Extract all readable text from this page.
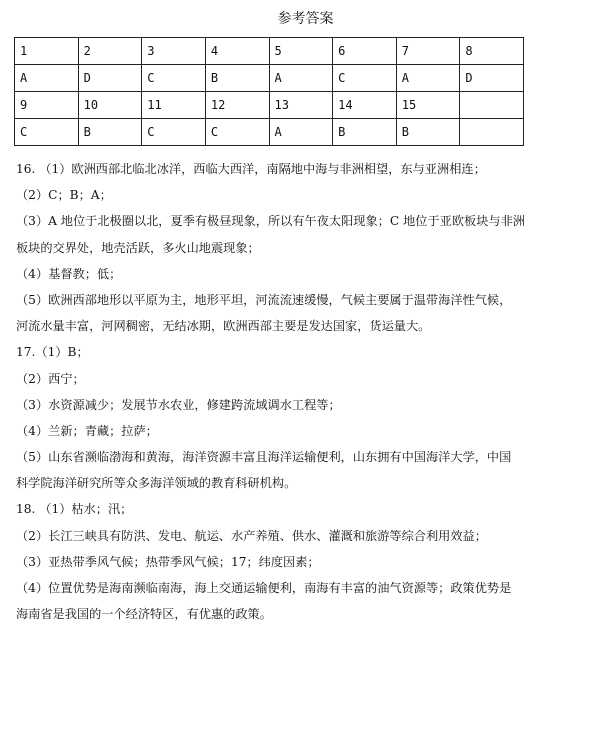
参考答案
1	2	3	4	5	6	7	8
A	D	C	B	A	C	A	D
9	10	11	12	13	14	15	
C	B	C	C	A	B	B	
16. （1）欧洲西部北临北冰洋，西临大西洋，南隔地中海与非洲相望，东与亚洲相连；
（2）C；B；A；
（3）A 地位于北极圈以北，夏季有极昼现象，所以有午夜太阳现象；C 地位于亚欧板块与非洲
板块的交界处，地壳活跃，多火山地震现象；
（4）基督教；低；
（5）欧洲西部地形以平原为主，地形平坦，河流流速缓慢，气候主要属于温带海洋性气候，
河流水量丰富，河网稠密，无结冰期，欧洲西部主要是发达国家，货运量大。
17.（1）B；
（2）西宁；
（3）水资源减少；发展节水农业，修建跨流域调水工程等；
（4）兰新；青藏；拉萨；
（5）山东省濒临渤海和黄海，海洋资源丰富且海洋运输便利，山东拥有中国海洋大学，中国
科学院海洋研究所等众多海洋领域的教育科研机构。
18. （1）枯水；汛；
（2）长江三峡具有防洪、发电、航运、水产养殖、供水、灌溉和旅游等综合利用效益；
（3）亚热带季风气候；热带季风气候；17；纬度因素；
（4）位置优势是海南濒临南海，海上交通运输便利，南海有丰富的油气资源等；政策优势是
海南省是我国的一个经济特区，有优惠的政策。
